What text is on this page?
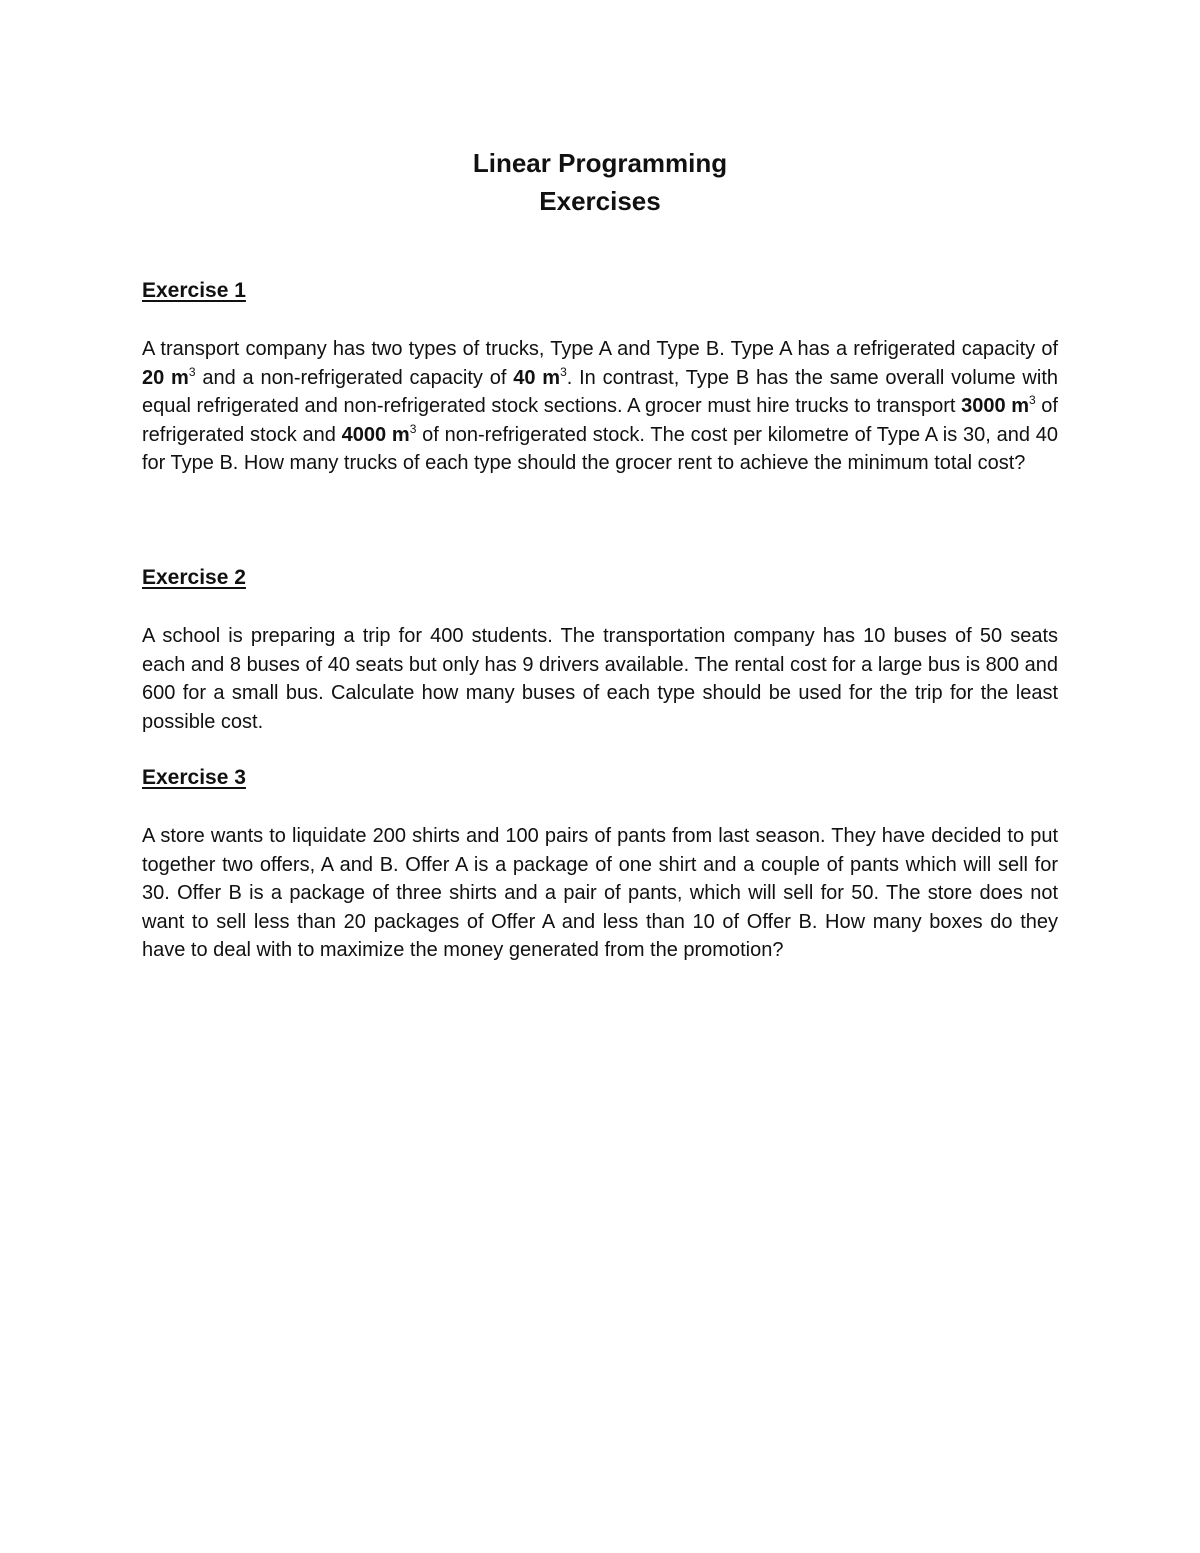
Linear Programming
Exercises
Exercise 1
A transport company has two types of trucks, Type A and Type B. Type A has a refrigerated capacity of 20 $m^3$ and a non-refrigerated capacity of 40 $m^3$. In contrast, Type B has the same overall volume with equal refrigerated and non-refrigerated stock sections. A grocer must hire trucks to transport 3000 $m^3$ of refrigerated stock and 4000 $m^3$ of non-refrigerated stock. The cost per kilometre of Type A is 30, and 40 for Type B. How many trucks of each type should the grocer rent to achieve the minimum total cost?
Exercise 2
A school is preparing a trip for 400 students. The transportation company has 10 buses of 50 seats each and 8 buses of 40 seats but only has 9 drivers available. The rental cost for a large bus is 800 and 600 for a small bus. Calculate how many buses of each type should be used for the trip for the least possible cost.
Exercise 3
A store wants to liquidate 200 shirts and 100 pairs of pants from last season. They have decided to put together two offers, A and B. Offer A is a package of one shirt and a couple of pants which will sell for 30. Offer B is a package of three shirts and a pair of pants, which will sell for 50. The store does not want to sell less than 20 packages of Offer A and less than 10 of Offer B. How many boxes do they have to deal with to maximize the money generated from the promotion?
